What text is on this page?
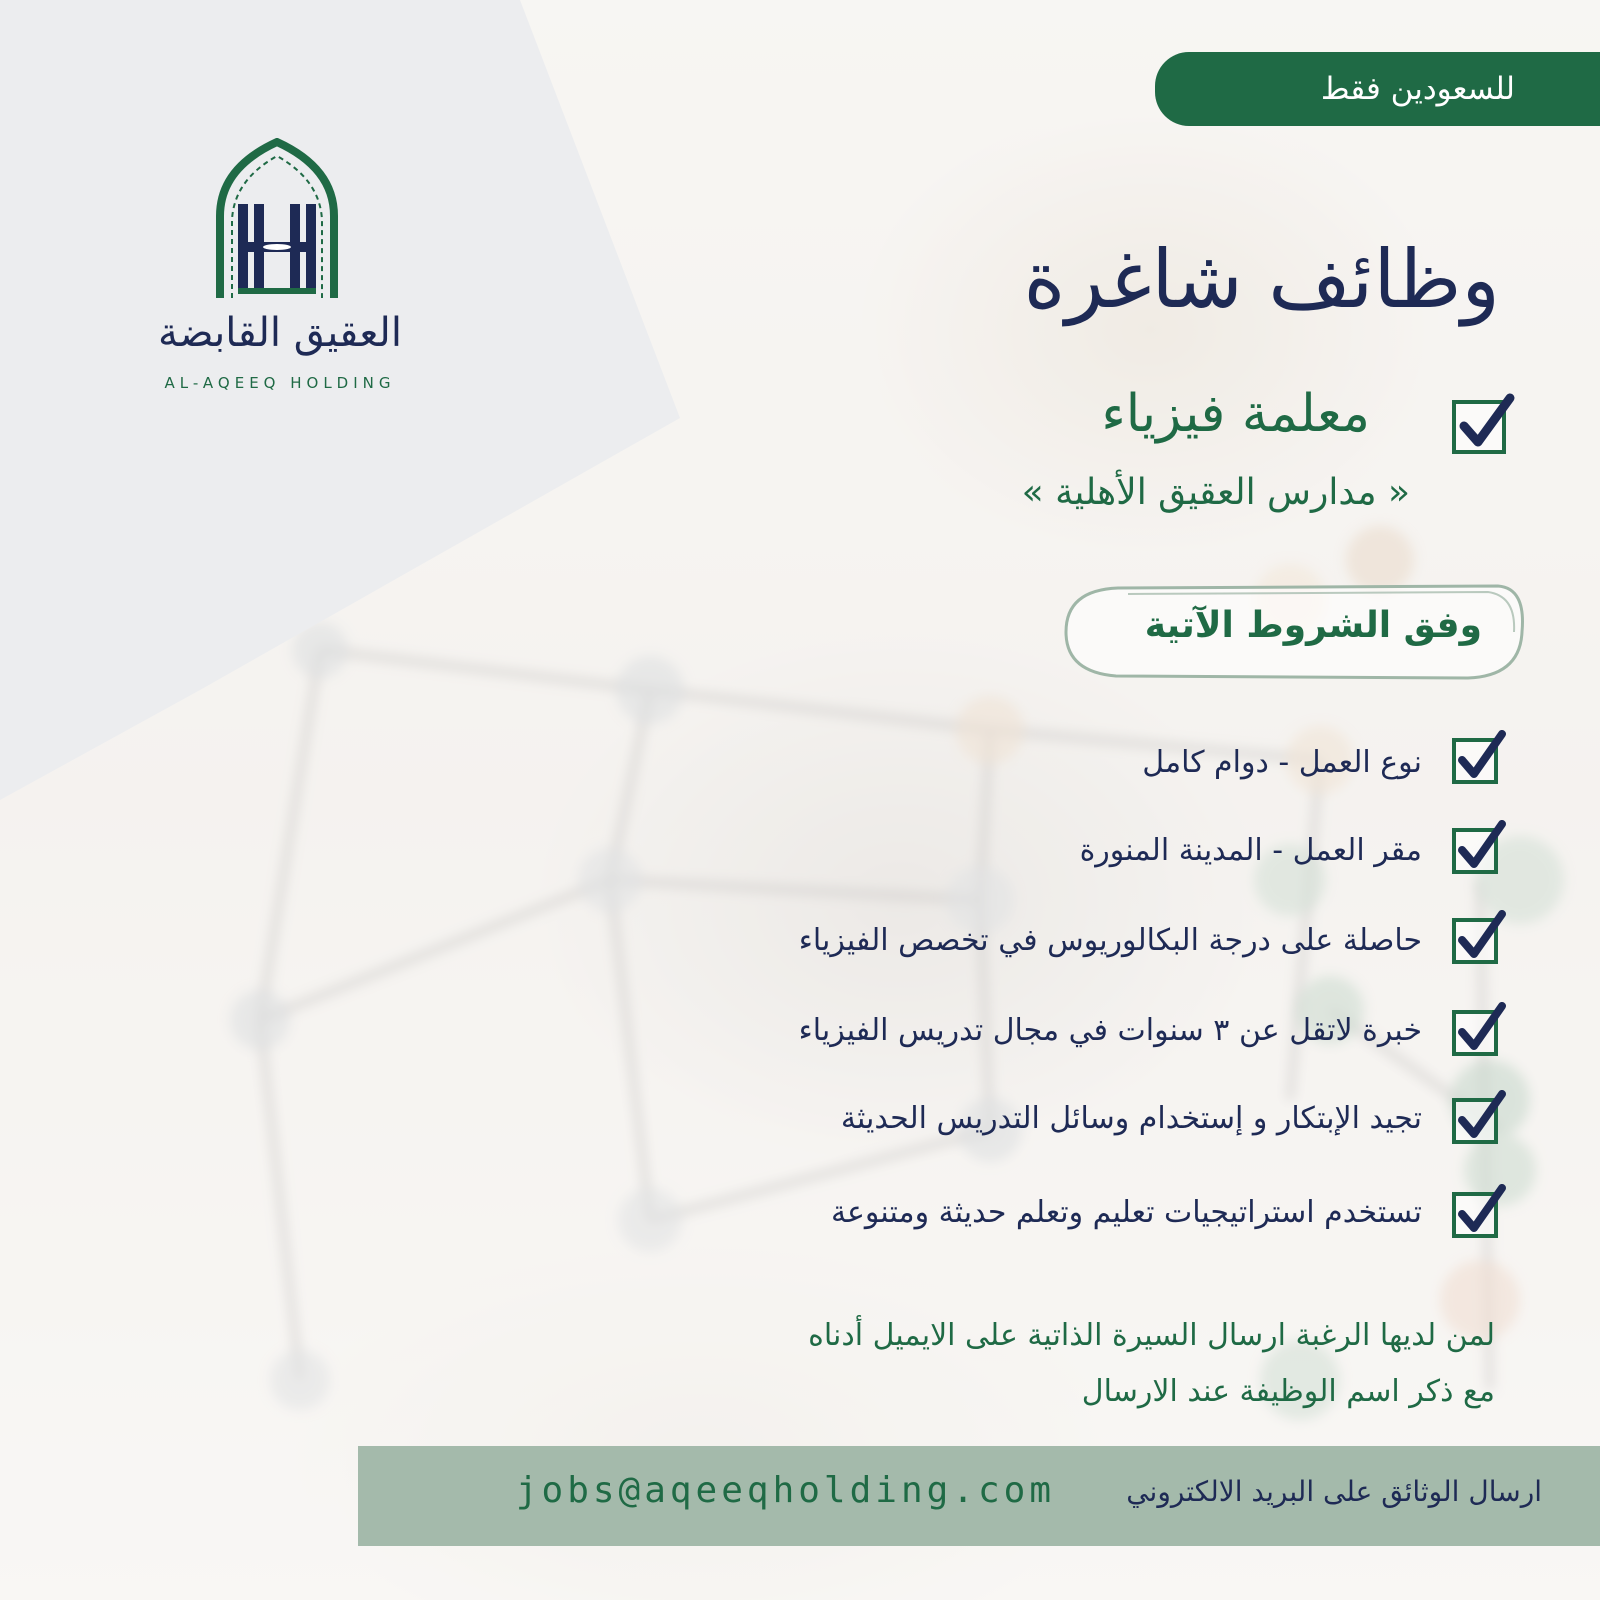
للسعودين فقط
العقيق القابضة
AL-AQEEQ HOLDING
وظائف شاغرة
معلمة فيزياء
« مدارس العقيق الأهلية »
وفق الشروط الآتية
نوع العمل - دوام كامل
مقر العمل - المدينة المنورة
حاصلة على درجة البكالوريوس في تخصص الفيزياء
خبرة لاتقل عن ٣ سنوات في مجال تدريس الفيزياء
تجيد الإبتكار و إستخدام وسائل التدريس الحديثة
تستخدم استراتيجيات تعليم وتعلم حديثة ومتنوعة
لمن لديها الرغبة ارسال السيرة الذاتية على الايميل أدناه
مع ذكر اسم الوظيفة عند الارسال
ارسال الوثائق على البريد الالكتروني
jobs@aqeeqholding.com
